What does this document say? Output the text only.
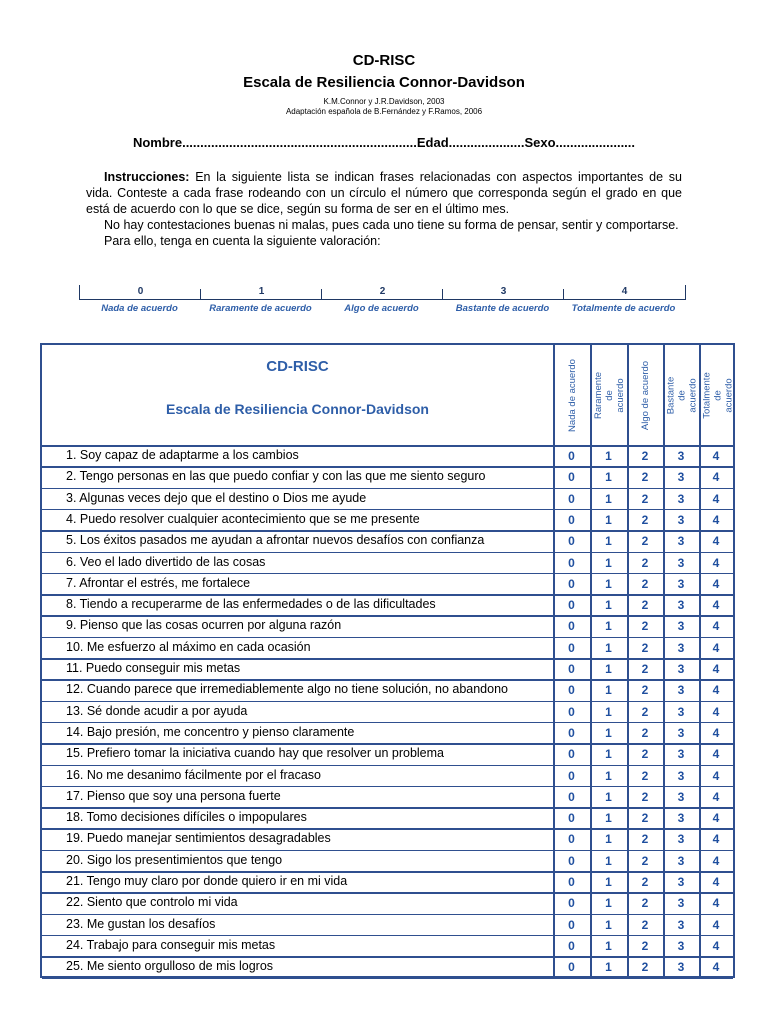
CD-RISC
Escala de Resiliencia Connor-Davidson
K.M.Connor y J.R.Davidson, 2003
Adaptación española de B.Fernández y F.Ramos, 2006
Nombre.................................................................Edad.....................Sexo......................

Instrucciones: En la siguiente lista se indican frases relacionadas con aspectos importantes de su vida. Conteste a cada frase rodeando con un círculo el número que corresponda según el grado en que está de acuerdo con lo que se dice, según su forma de ser en el último mes.

No hay contestaciones buenas ni malas, pues cada uno tiene su forma de pensar, sentir y comportarse.

Para ello, tenga en cuenta la siguiente valoración:

0	1	2	3	4
Nada de acuerdo	Raramente de acuerdo	Algo de acuerdo	Bastante de acuerdo	Totalmente de acuerdo
CD-RISC
Escala de Resiliencia Connor-Davidson	Nada de acuerdo Raramente de acuerdo Algo de acuerdo Bastante de acuerdo Totalmente de acuerdo
1. Soy capaz de adaptarme a los cambios	0	1	2	3	4
2. Tengo personas en las que puedo confiar y con las que me siento seguro	0	1	2	3	4
3. Algunas veces dejo que el destino o Dios me ayude	0	1	2	3	4
4. Puedo resolver cualquier acontecimiento que se me presente	0	1	2	3	4
5. Los éxitos pasados me ayudan a afrontar nuevos desafíos con confianza	0	1	2	3	4
6. Veo el lado divertido de las cosas	0	1	2	3	4
7. Afrontar el estrés, me fortalece	0	1	2	3	4
8. Tiendo a recuperarme de las enfermedades o de las dificultades	0	1	2	3	4
9. Pienso que las cosas ocurren por alguna razón	0	1	2	3	4
10. Me esfuerzo al máximo en cada ocasión	0	1	2	3	4
11. Puedo conseguir mis metas	0	1	2	3	4
12. Cuando parece que irremediablemente algo no tiene solución, no abandono	0	1	2	3	4
13. Sé donde acudir a por ayuda	0	1	2	3	4
14. Bajo presión, me concentro y pienso claramente	0	1	2	3	4
15. Prefiero tomar la iniciativa cuando hay que resolver un problema	0	1	2	3	4
16. No me desanimo fácilmente por el fracaso	0	1	2	3	4
17. Pienso que soy una persona fuerte	0	1	2	3	4
18. Tomo decisiones difíciles o impopulares	0	1	2	3	4
19. Puedo manejar sentimientos desagradables	0	1	2	3	4
20. Sigo los presentimientos que tengo	0	1	2	3	4
21. Tengo muy claro por donde quiero ir en mi vida	0	1	2	3	4
22. Siento que controlo mi vida	0	1	2	3	4
23. Me gustan los desafíos	0	1	2	3	4
24. Trabajo para conseguir mis metas	0	1	2	3	4
25. Me siento orgulloso de mis logros	0	1	2	3	4
